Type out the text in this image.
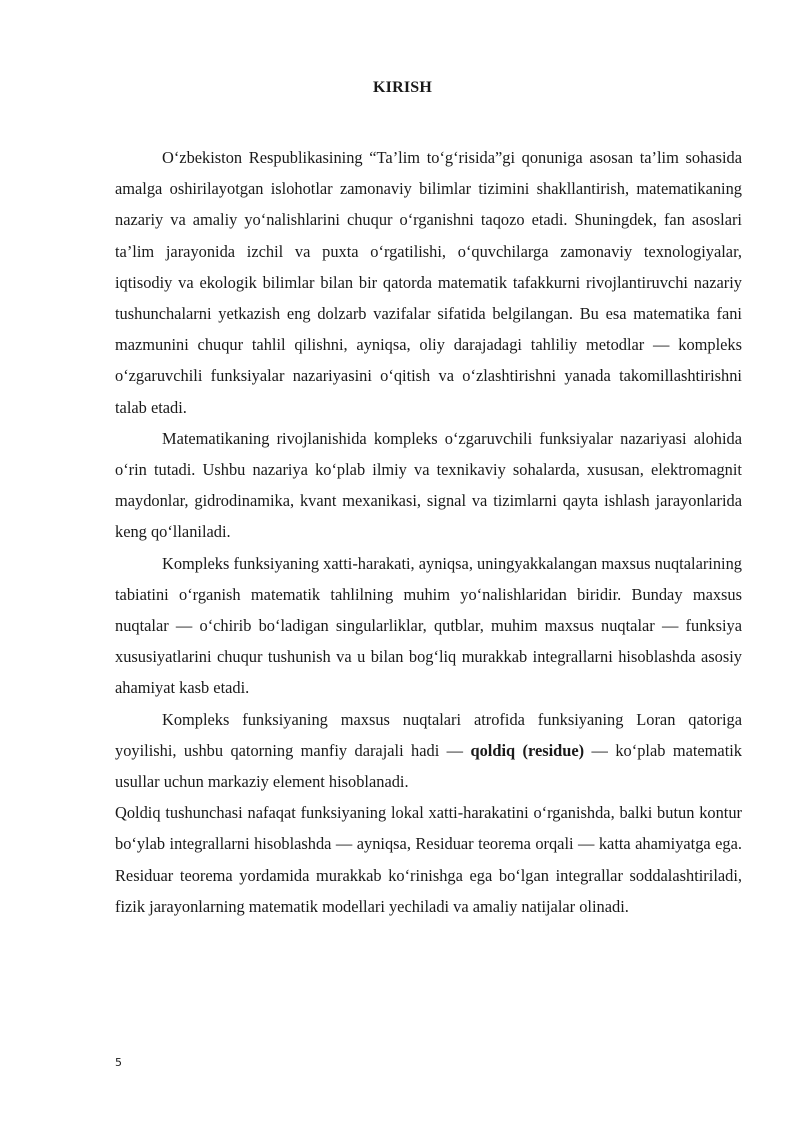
KIRISH

O‘zbekiston Respublikasining “Ta’lim to‘g‘risida”gi qonuniga asosan ta’lim sohasida amalga oshirilayotgan islohotlar zamonaviy bilimlar tizimini shakllantirish, matematikaning nazariy va amaliy yo‘nalishlarini chuqur o‘rganishni taqozo etadi. Shuningdek, fan asoslari ta’lim jarayonida izchil va puxta o‘rgatilishi, o‘quvchilarga zamonaviy texnologiyalar, iqtisodiy va ekologik bilimlar bilan bir qatorda matematik tafakkurni rivojlantiruvchi nazariy tushunchalarni yetkazish eng dolzarb vazifalar sifatida belgilangan. Bu esa matematika fani mazmunini chuqur tahlil qilishni, ayniqsa, oliy darajadagi tahliliy metodlar — kompleks o‘zgaruvchili funksiyalar nazariyasini o‘qitish va o‘zlashtirishni yanada takomillashtirishni talab etadi.

Matematikaning rivojlanishida kompleks o‘zgaruvchili funksiyalar nazariyasi alohida o‘rin tutadi. Ushbu nazariya ko‘plab ilmiy va texnikaviy sohalarda, xususan, elektromagnit maydonlar, gidrodinamika, kvant mexanikasi, signal va tizimlarni qayta ishlash jarayonlarida keng qo‘llaniladi.

Kompleks funksiyaning xatti-harakati, ayniqsa, uningyakkalangan maxsus nuqtalarining tabiatini o‘rganish matematik tahlilning muhim yo‘nalishlaridan biridir. Bunday maxsus nuqtalar — o‘chirib bo‘ladigan singularliklar, qutblar, muhim maxsus nuqtalar — funksiya xususiyatlarini chuqur tushunish va u bilan bog‘liq murakkab integrallarni hisoblashda asosiy ahamiyat kasb etadi.

Kompleks funksiyaning maxsus nuqtalari atrofida funksiyaning Loran qatoriga yoyilishi, ushbu qatorning manfiy darajali hadi — qoldiq (residue) — ko‘plab matematik usullar uchun markaziy element hisoblanadi.

Qoldiq tushunchasi nafaqat funksiyaning lokal xatti-harakatini o‘rganishda, balki butun kontur bo‘ylab integrallarni hisoblashda — ayniqsa, Residuar teorema orqali — katta ahamiyatga ega. Residuar teorema yordamida murakkab ko‘rinishga ega bo‘lgan integrallar soddalashtiriladi, fizik jarayonlarning matematik modellari yechiladi va amaliy natijalar olinadi.

5
